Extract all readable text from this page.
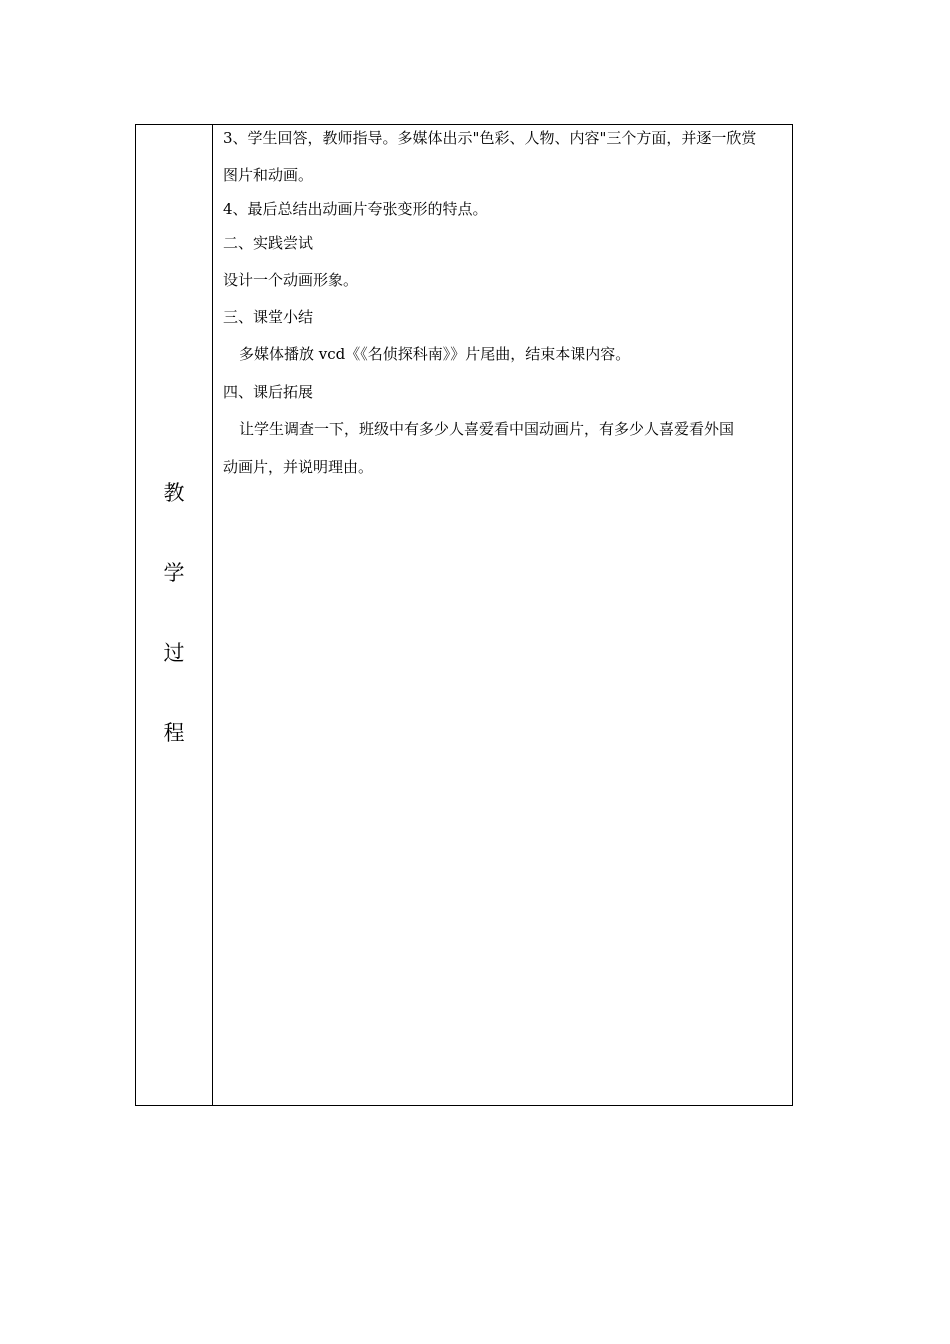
教
学
过
程
3、学生回答，教师指导。多媒体出示"色彩、人物、内容"三个方面，并逐一欣赏
图片和动画。
4、最后总结出动画片夸张变形的特点。
二、实践尝试
设计一个动画形象。
三、课堂小结
多媒体播放 vcd《《名侦探科南》》片尾曲，结束本课内容。
四、课后拓展
让学生调查一下，班级中有多少人喜爱看中国动画片，有多少人喜爱看外国
动画片，并说明理由。
